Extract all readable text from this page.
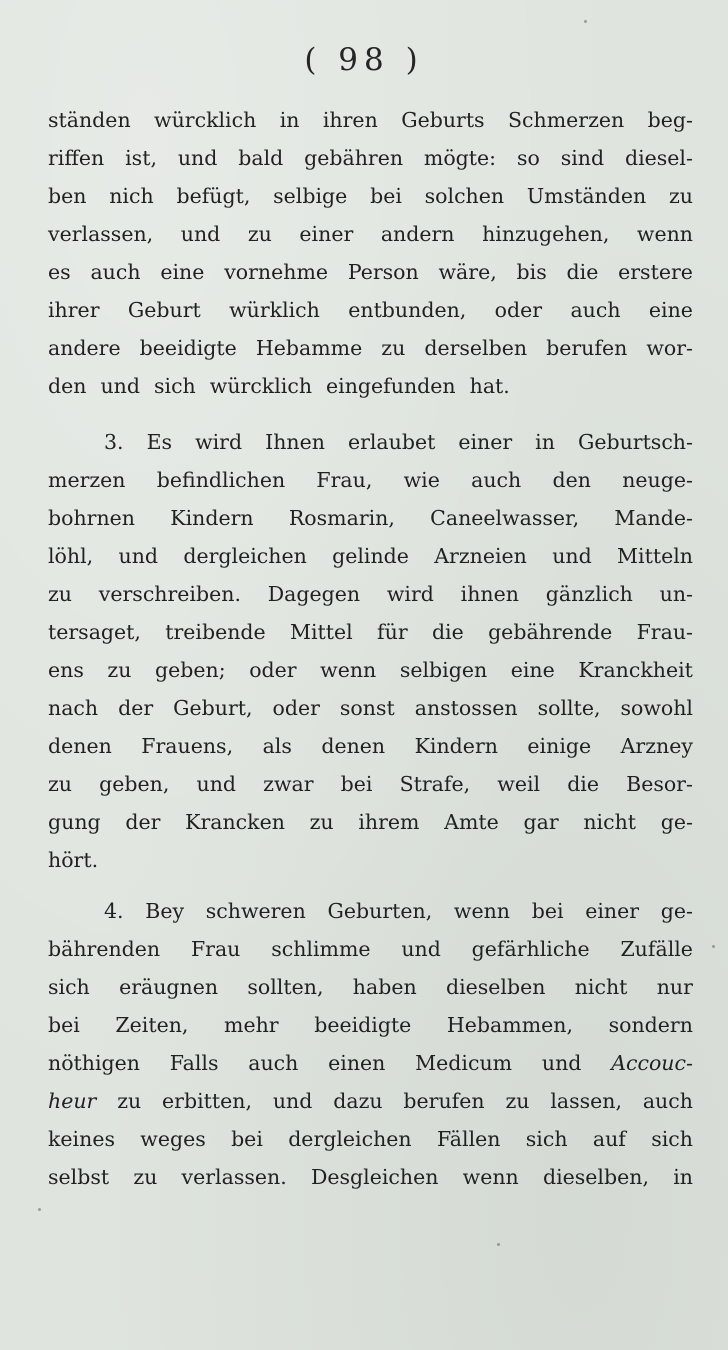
( 98 )
ständen würcklich in ihren Geburts Schmerzen beg-
riffen ist, und bald gebähren mögte: so sind diesel-
ben nich befügt, selbige bei solchen Umständen zu
verlassen, und zu einer andern hinzugehen, wenn
es auch eine vornehme Person wäre, bis die erstere
ihrer Geburt würklich entbunden, oder auch eine
andere beeidigte Hebamme zu derselben berufen wor-
den und sich würcklich eingefunden hat.
3. Es wird Ihnen erlaubet einer in Geburtsch-
merzen befindlichen Frau, wie auch den neuge-
bohrnen Kindern Rosmarin, Caneelwasser, Mande-
löhl, und dergleichen gelinde Arzneien und Mitteln
zu verschreiben. Dagegen wird ihnen gänzlich un-
tersaget, treibende Mittel für die gebährende Frau-
ens zu geben; oder wenn selbigen eine Kranckheit
nach der Geburt, oder sonst anstossen sollte, sowohl
denen Frauens, als denen Kindern einige Arzney
zu geben, und zwar bei Strafe, weil die Besor-
gung der Krancken zu ihrem Amte gar nicht ge-
hört.
4. Bey schweren Geburten, wenn bei einer ge-
bährenden Frau schlimme und gefärhliche Zufälle
sich eräugnen sollten, haben dieselben nicht nur
bei Zeiten, mehr beeidigte Hebammen, sondern
nöthigen Falls auch einen Medicum und Accouc-
heur zu erbitten, und dazu berufen zu lassen, auch
keines weges bei dergleichen Fällen sich auf sich
selbst zu verlassen. Desgleichen wenn dieselben, in
